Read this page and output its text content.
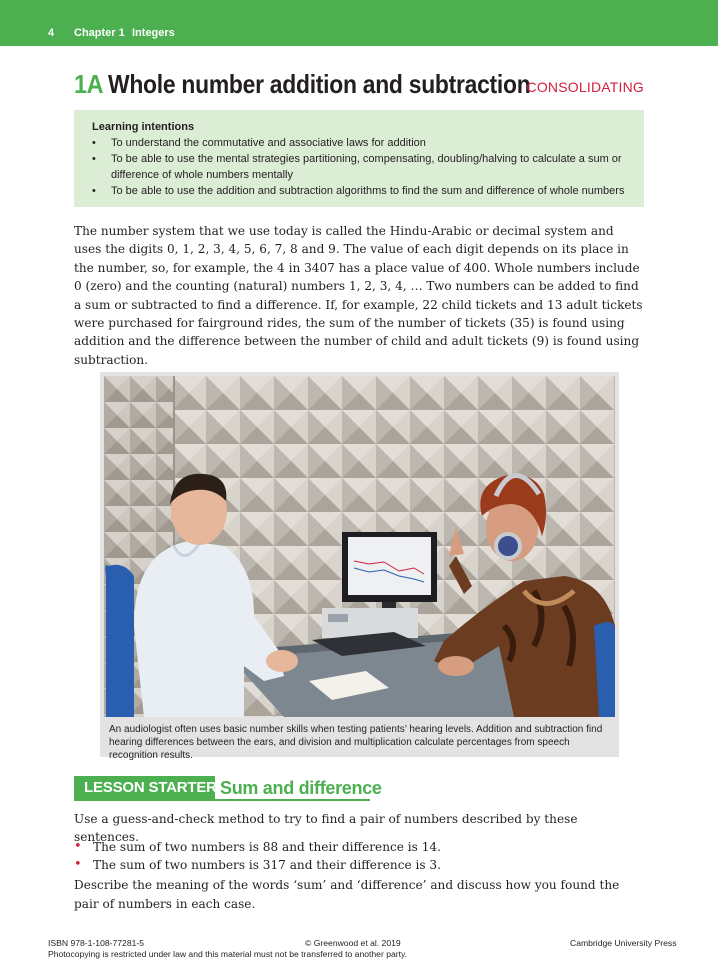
4 Chapter 1 Integers
1A Whole number addition and subtraction
CONSOLIDATING
Learning intentions
• To understand the commutative and associative laws for addition
• To be able to use the mental strategies partitioning, compensating, doubling/halving to calculate a sum or difference of whole numbers mentally
• To be able to use the addition and subtraction algorithms to find the sum and difference of whole numbers

The number system that we use today is called the Hindu-Arabic or decimal system and uses the digits 0, 1, 2, 3, 4, 5, 6, 7, 8 and 9. The value of each digit depends on its place in the number, so, for example, the 4 in 3407 has a place value of 400. Whole numbers include 0 (zero) and the counting (natural) numbers 1, 2, 3, 4, … Two numbers can be added to find a sum or subtracted to find a difference. If, for example, 22 child tickets and 13 adult tickets were purchased for fairground rides, the sum of the number of tickets (35) is found using addition and the difference between the number of child and adult tickets (9) is found using subtraction.

An audiologist often uses basic number skills when testing patients’ hearing levels. Addition and subtraction find hearing differences between the ears, and division and multiplication calculate percentages from speech recognition results.
LESSON STARTER Sum and difference

Use a guess-and-check method to try to find a pair of numbers described by these sentences.

• The sum of two numbers is 88 and their difference is 14.

• The sum of two numbers is 317 and their difference is 3.

Describe the meaning of the words ‘sum’ and ‘difference’ and discuss how you found the pair of numbers in each case.

ISBN 978-1-108-77281-5	© Greenwood et al. 2019	Cambridge University Press
Photocopying is restricted under law and this material must not be transferred to another party.
